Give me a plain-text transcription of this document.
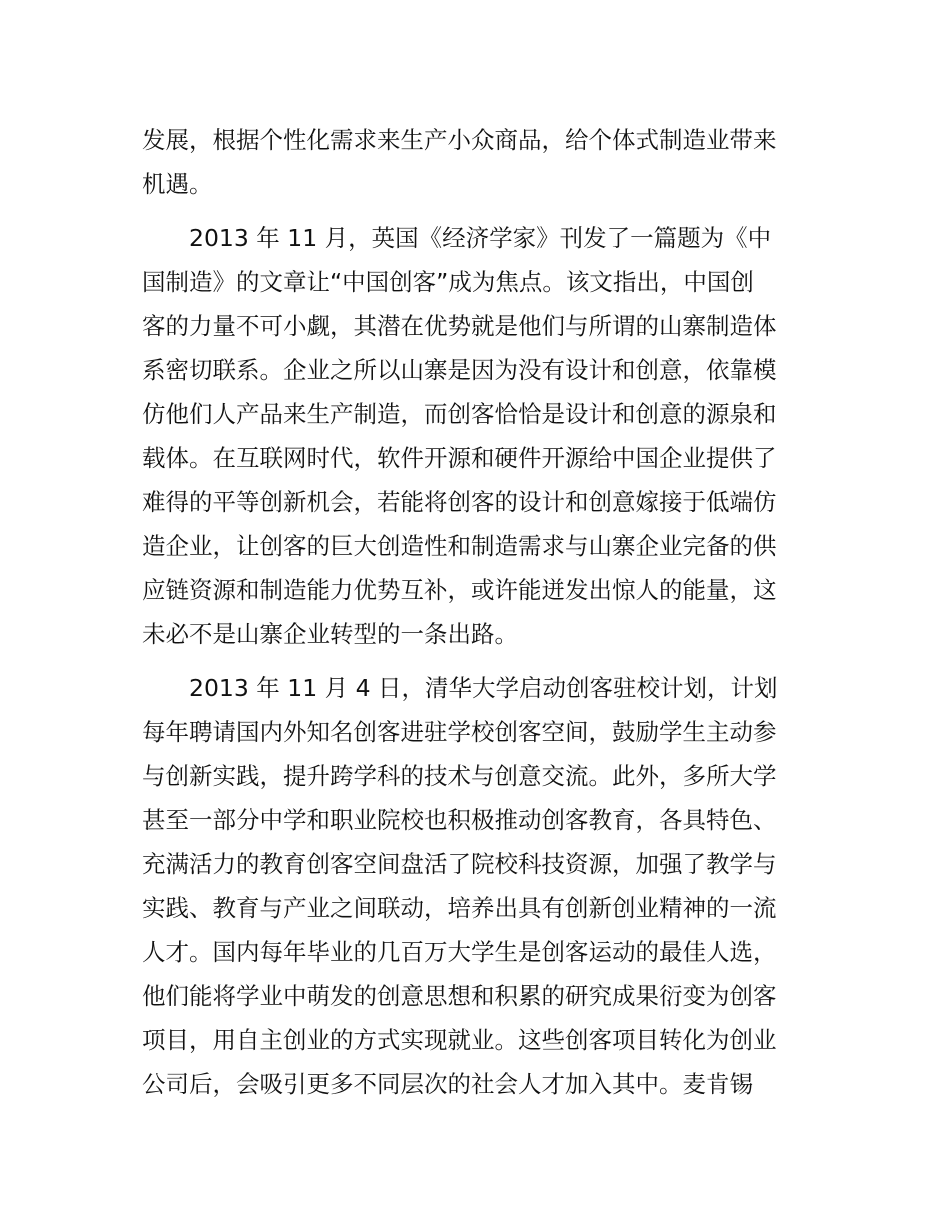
发展，根据个性化需求来生产小众商品，给个体式制造业带来
机遇。
2013 年 11 月，英国《经济学家》刊发了一篇题为《中
国制造》的文章让“中国创客”成为焦点。该文指出，中国创
客的力量不可小觑，其潜在优势就是他们与所谓的山寨制造体
系密切联系。企业之所以山寨是因为没有设计和创意，依靠模
仿他们人产品来生产制造，而创客恰恰是设计和创意的源泉和
载体。在互联网时代，软件开源和硬件开源给中国企业提供了
难得的平等创新机会，若能将创客的设计和创意嫁接于低端仿
造企业，让创客的巨大创造性和制造需求与山寨企业完备的供
应链资源和制造能力优势互补，或许能迸发出惊人的能量，这
未必不是山寨企业转型的一条出路。
2013 年 11 月 4 日，清华大学启动创客驻校计划，计划
每年聘请国内外知名创客进驻学校创客空间，鼓励学生主动参
与创新实践，提升跨学科的技术与创意交流。此外，多所大学
甚至一部分中学和职业院校也积极推动创客教育，各具特色、
充满活力的教育创客空间盘活了院校科技资源，加强了教学与
实践、教育与产业之间联动，培养出具有创新创业精神的一流
人才。国内每年毕业的几百万大学生是创客运动的最佳人选，
他们能将学业中萌发的创意思想和积累的研究成果衍变为创客
项目，用自主创业的方式实现就业。这些创客项目转化为创业
公司后，会吸引更多不同层次的社会人才加入其中。麦肯锡
